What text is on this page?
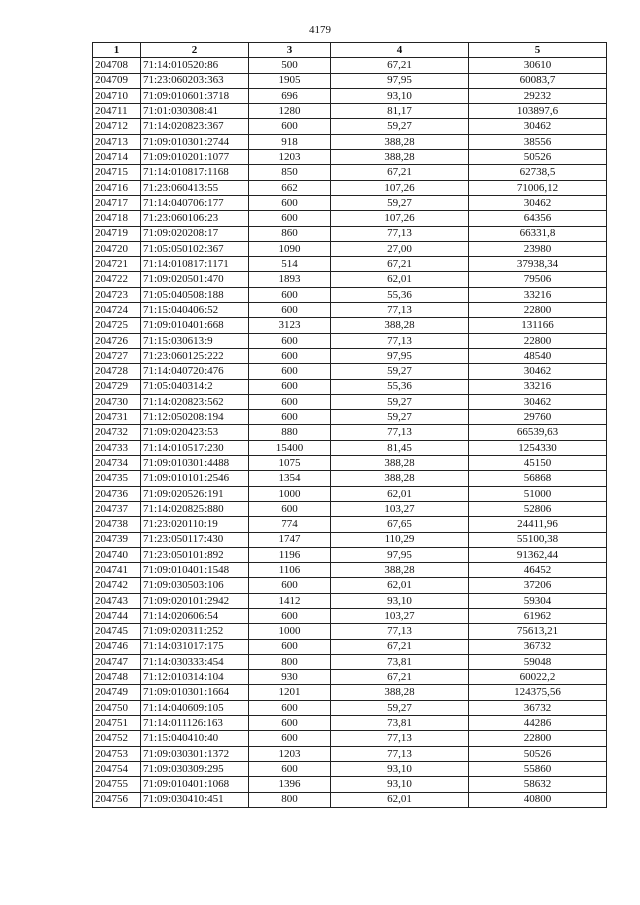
4179
1	2	3	4	5
204708	71:14:010520:86	500	67,21	30610
204709	71:23:060203:363	1905	97,95	60083,7
204710	71:09:010601:3718	696	93,10	29232
204711	71:01:030308:41	1280	81,17	103897,6
204712	71:14:020823:367	600	59,27	30462
204713	71:09:010301:2744	918	388,28	38556
204714	71:09:010201:1077	1203	388,28	50526
204715	71:14:010817:1168	850	67,21	62738,5
204716	71:23:060413:55	662	107,26	71006,12
204717	71:14:040706:177	600	59,27	30462
204718	71:23:060106:23	600	107,26	64356
204719	71:09:020208:17	860	77,13	66331,8
204720	71:05:050102:367	1090	27,00	23980
204721	71:14:010817:1171	514	67,21	37938,34
204722	71:09:020501:470	1893	62,01	79506
204723	71:05:040508:188	600	55,36	33216
204724	71:15:040406:52	600	77,13	22800
204725	71:09:010401:668	3123	388,28	131166
204726	71:15:030613:9	600	77,13	22800
204727	71:23:060125:222	600	97,95	48540
204728	71:14:040720:476	600	59,27	30462
204729	71:05:040314:2	600	55,36	33216
204730	71:14:020823:562	600	59,27	30462
204731	71:12:050208:194	600	59,27	29760
204732	71:09:020423:53	880	77,13	66539,63
204733	71:14:010517:230	15400	81,45	1254330
204734	71:09:010301:4488	1075	388,28	45150
204735	71:09:010101:2546	1354	388,28	56868
204736	71:09:020526:191	1000	62,01	51000
204737	71:14:020825:880	600	103,27	52806
204738	71:23:020110:19	774	67,65	24411,96
204739	71:23:050117:430	1747	110,29	55100,38
204740	71:23:050101:892	1196	97,95	91362,44
204741	71:09:010401:1548	1106	388,28	46452
204742	71:09:030503:106	600	62,01	37206
204743	71:09:020101:2942	1412	93,10	59304
204744	71:14:020606:54	600	103,27	61962
204745	71:09:020311:252	1000	77,13	75613,21
204746	71:14:031017:175	600	67,21	36732
204747	71:14:030333:454	800	73,81	59048
204748	71:12:010314:104	930	67,21	60022,2
204749	71:09:010301:1664	1201	388,28	124375,56
204750	71:14:040609:105	600	59,27	36732
204751	71:14:011126:163	600	73,81	44286
204752	71:15:040410:40	600	77,13	22800
204753	71:09:030301:1372	1203	77,13	50526
204754	71:09:030309:295	600	93,10	55860
204755	71:09:010401:1068	1396	93,10	58632
204756	71:09:030410:451	800	62,01	40800
